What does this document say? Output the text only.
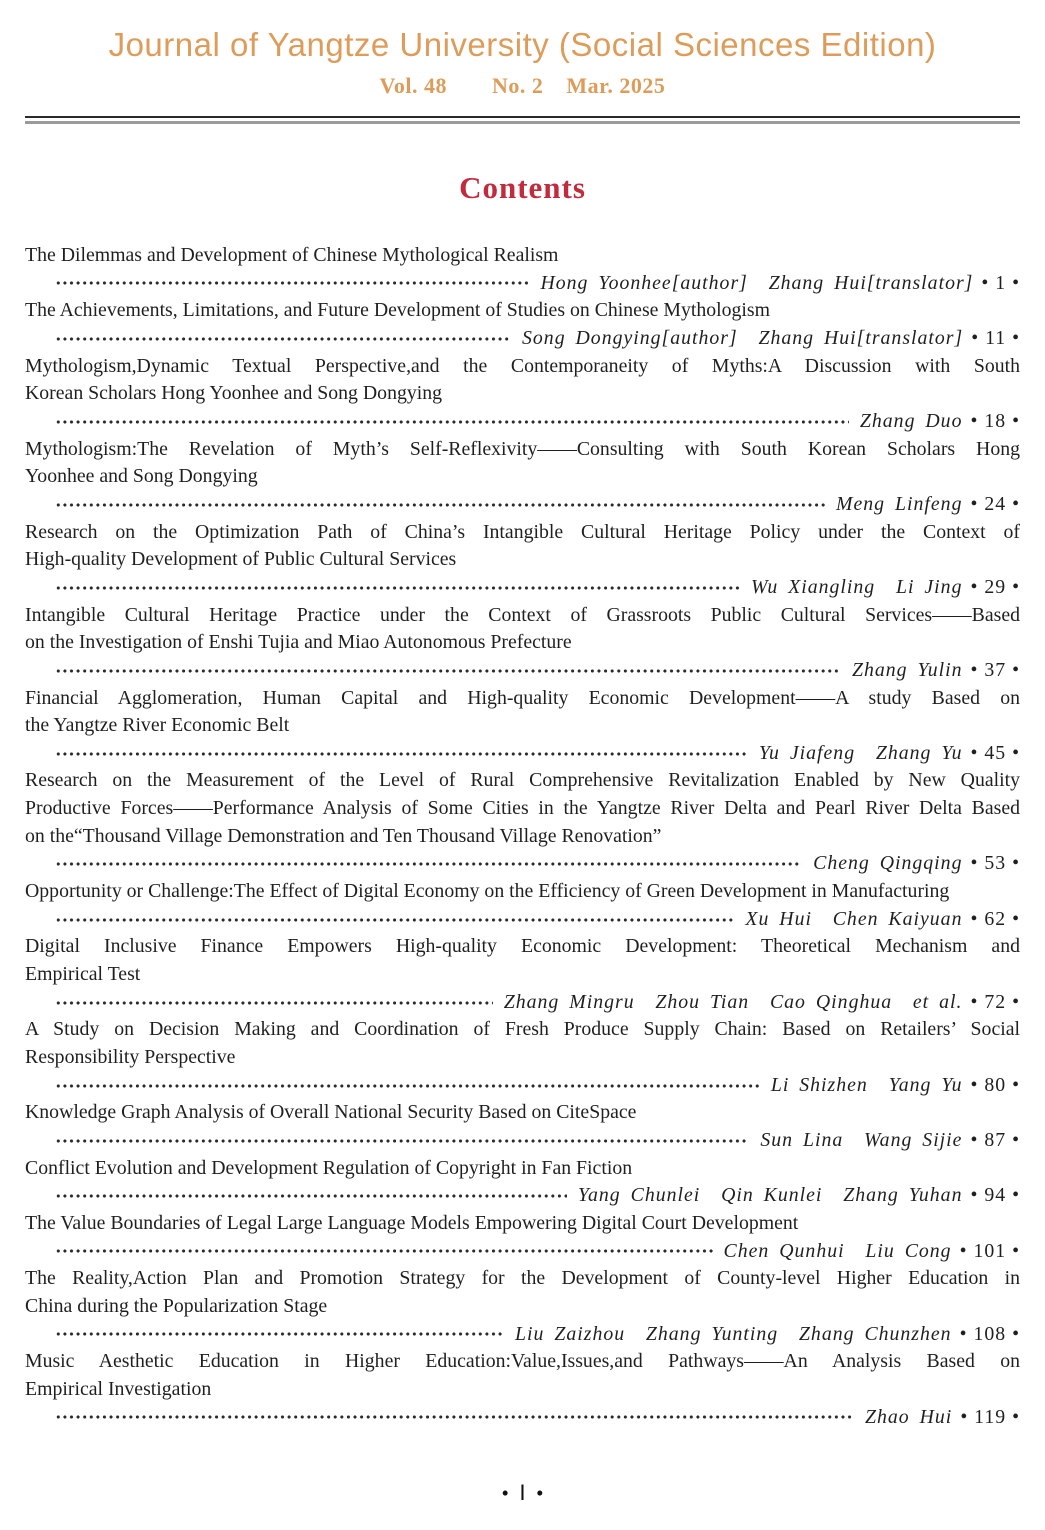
Journal of Yangtze University (Social Sciences Edition)
Vol. 48  No. 2  Mar. 2025
Contents
The Dilemmas and Development of Chinese Mythological Realism
Hong Yoonhee[author] Zhang Hui[translator] • 1 •
The Achievements, Limitations, and Future Development of Studies on Chinese Mythologism
Song Dongying[author] Zhang Hui[translator] • 11 •
Mythologism,Dynamic Textual Perspective,and the Contemporaneity of Myths:A Discussion with South
Korean Scholars Hong Yoonhee and Song Dongying
Zhang Duo • 18 •
Mythologism:The Revelation of Myth’s Self-Reflexivity——Consulting with South Korean Scholars Hong
Yoonhee and Song Dongying
Meng Linfeng • 24 •
Research on the Optimization Path of China’s Intangible Cultural Heritage Policy under the Context of
High-quality Development of Public Cultural Services
Wu Xiangling Li Jing • 29 •
Intangible Cultural Heritage Practice under the Context of Grassroots Public Cultural Services——Based
on the Investigation of Enshi Tujia and Miao Autonomous Prefecture
Zhang Yulin • 37 •
Financial Agglomeration, Human Capital and High-quality Economic Development——A study Based on
the Yangtze River Economic Belt
Yu Jiafeng Zhang Yu • 45 •
Research on the Measurement of the Level of Rural Comprehensive Revitalization Enabled by New Quality
Productive Forces——Performance Analysis of Some Cities in the Yangtze River Delta and Pearl River Delta Based
on the“Thousand Village Demonstration and Ten Thousand Village Renovation”
Cheng Qingqing • 53 •
Opportunity or Challenge:The Effect of Digital Economy on the Efficiency of Green Development in Manufacturing
Xu Hui Chen Kaiyuan • 62 •
Digital Inclusive Finance Empowers High-quality Economic Development: Theoretical Mechanism and
Empirical Test
Zhang Mingru Zhou Tian Cao Qinghua et al. • 72 •
A Study on Decision Making and Coordination of Fresh Produce Supply Chain: Based on Retailers’ Social
Responsibility Perspective
Li Shizhen Yang Yu • 80 •
Knowledge Graph Analysis of Overall National Security Based on CiteSpace
Sun Lina Wang Sijie • 87 •
Conflict Evolution and Development Regulation of Copyright in Fan Fiction
Yang Chunlei Qin Kunlei Zhang Yuhan • 94 •
The Value Boundaries of Legal Large Language Models Empowering Digital Court Development
Chen Qunhui Liu Cong • 101 •
The Reality,Action Plan and Promotion Strategy for the Development of County-level Higher Education in
China during the Popularization Stage
Liu Zaizhou Zhang Yunting Zhang Chunzhen • 108 •
Music Aesthetic Education in Higher Education:Value,Issues,and Pathways——An Analysis Based on
Empirical Investigation
Zhao Hui • 119 •
• Ⅰ •
